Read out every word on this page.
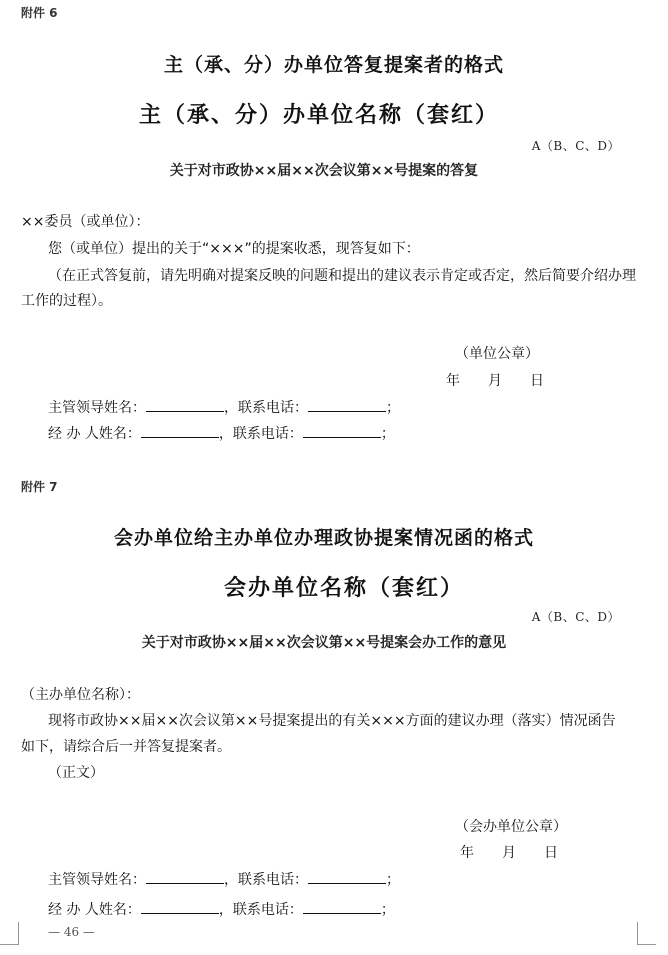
附件 6
主（承、分）办单位答复提案者的格式
主（承、分）办单位名称（套红）
A（B、C、D）
关于对市政协××届××次会议第××号提案的答复
××委员（或单位）：
您（或单位）提出的关于“×××”的提案收悉，现答复如下：
（在正式答复前，请先明确对提案反映的问题和提出的建议表示肯定或否定，然后简要介绍办理
工作的过程）。
（单位公章）
年　　月　　日
主管领导姓名：	，联系电话：	；
经 办 人姓名：	，联系电话：	；
附件 7
会办单位给主办单位办理政协提案情况函的格式
会办单位名称（套红）
A（B、C、D）
关于对市政协××届××次会议第××号提案会办工作的意见
（主办单位名称）：
现将市政协××届××次会议第××号提案提出的有关×××方面的建议办理（落实）情况函告
如下，请综合后一并答复提案者。
（正文）
（会办单位公章）
年　　月　　日
主管领导姓名：	，联系电话：	；
经 办 人姓名：	，联系电话：	；
— 46 —
